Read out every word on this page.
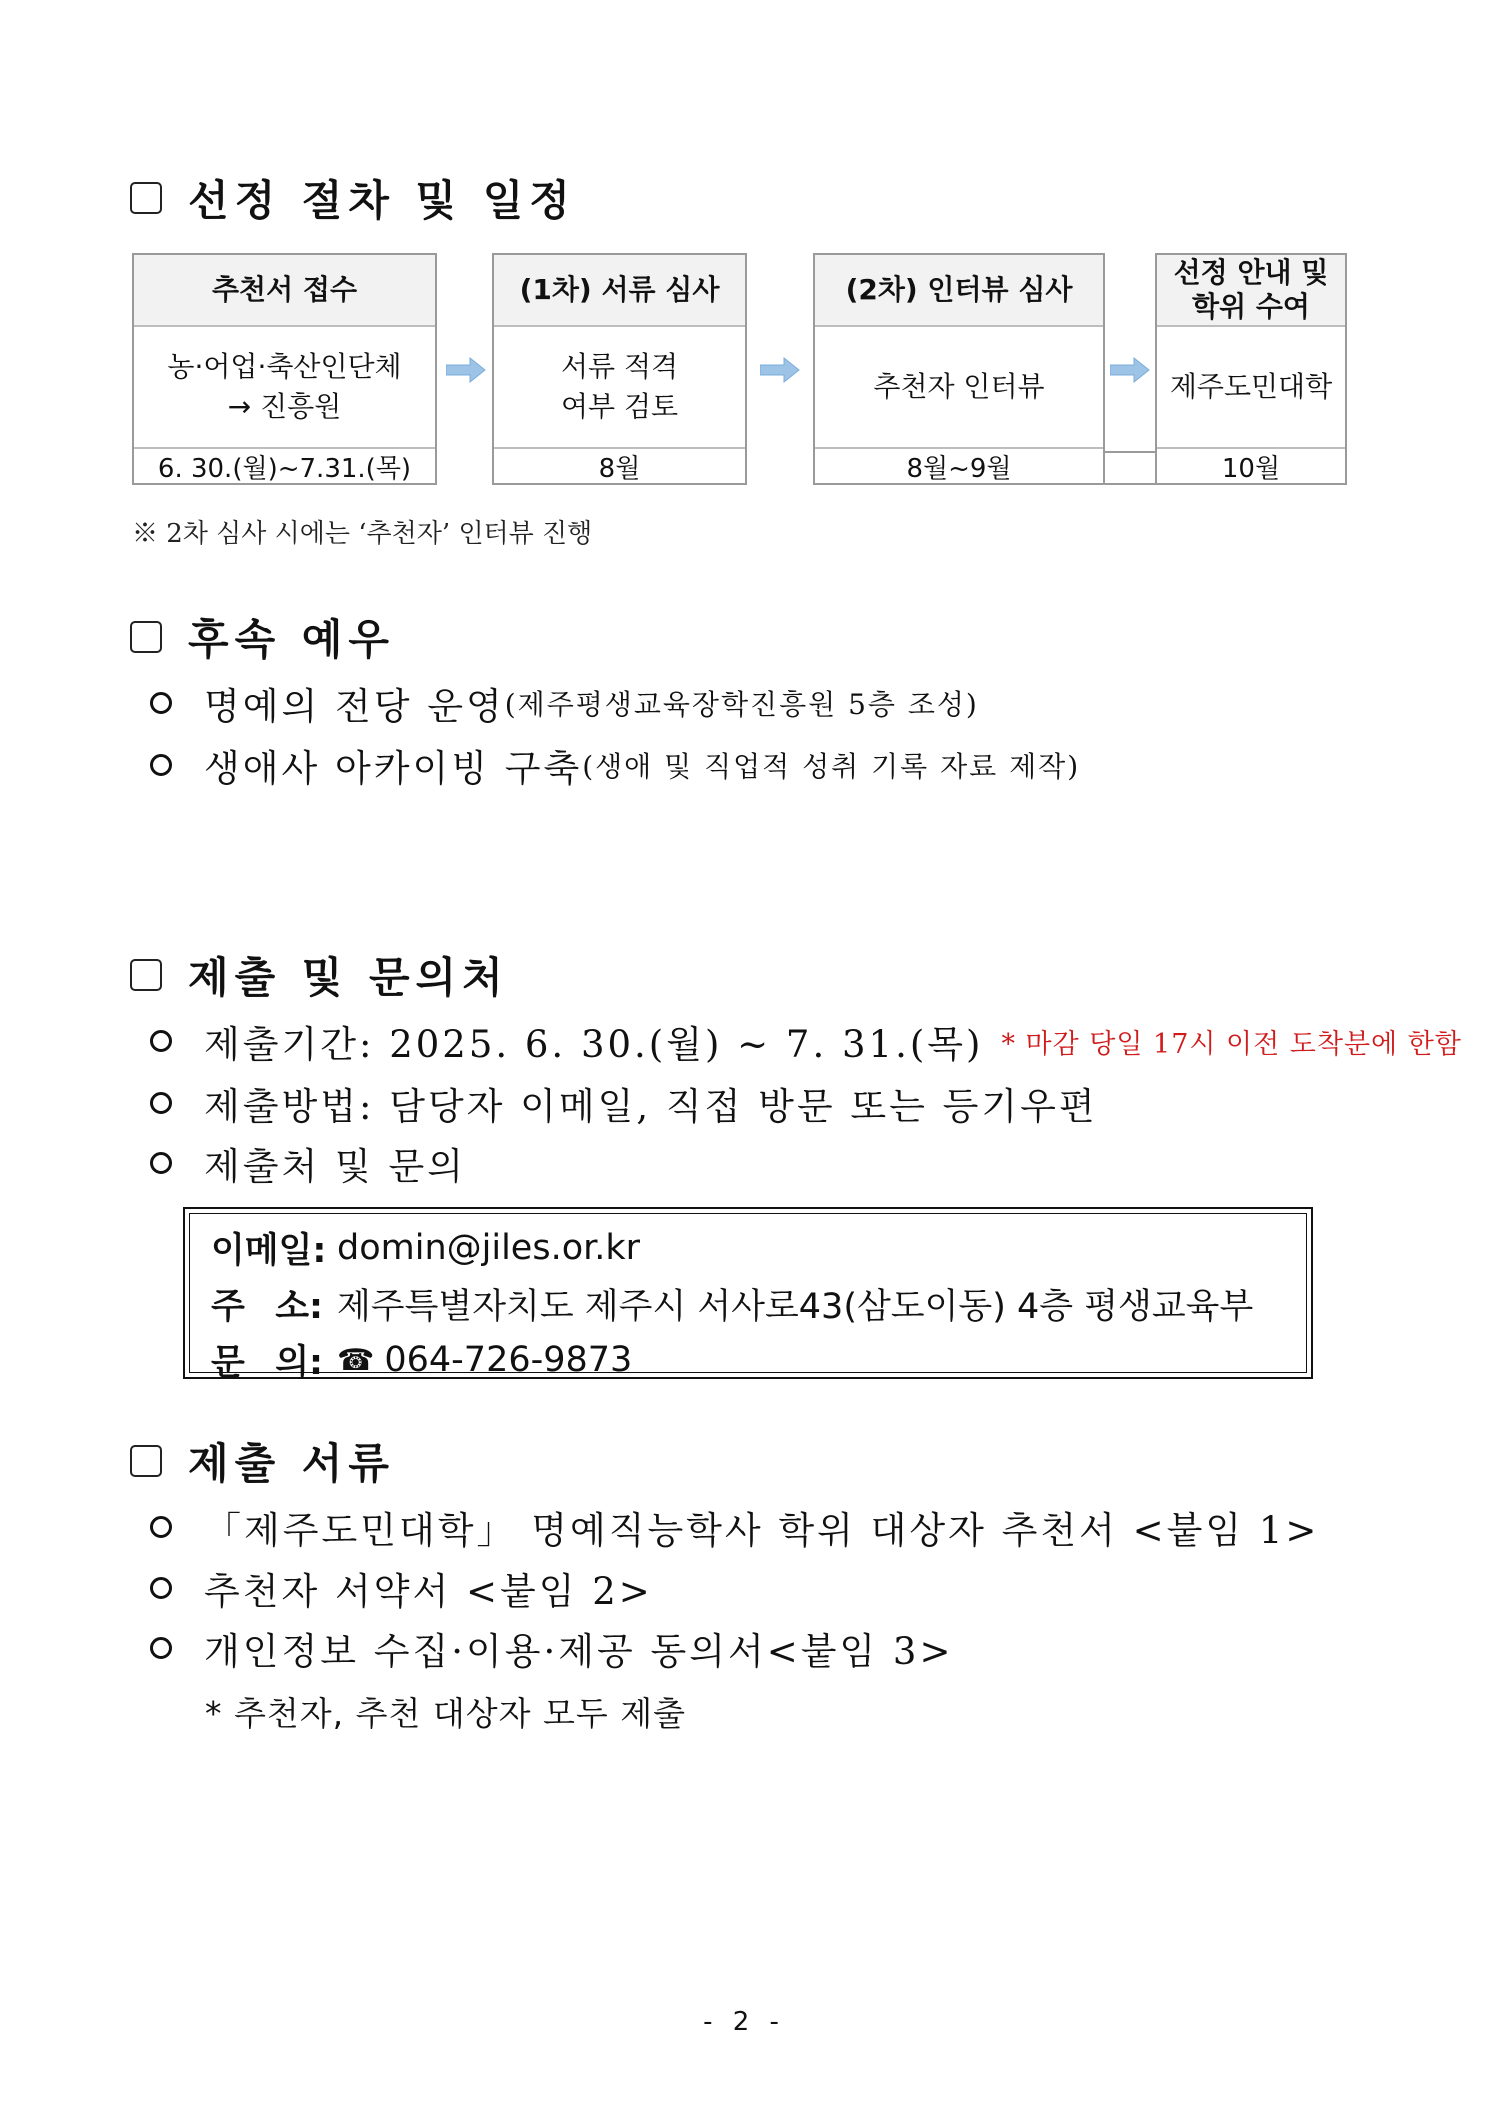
선정 절차 및 일정
추천서 접수
농·어업·축산인단체
→ 진흥원
6. 30.(월)~7.31.(목)
(1차) 서류 심사
서류 적격
여부 검토
8월
(2차) 인터뷰 심사
추천자 인터뷰
8월~9월
선정 안내 및
학위 수여
제주도민대학
10월
※ 2차 심사 시에는 ‘추천자’ 인터뷰 진행
후속 예우
명예의 전당 운영 (제주평생교육장학진흥원 5층 조성)
생애사 아카이빙 구축 (생애 및 직업적 성취 기록 자료 제작)
제출 및 문의처
제출기간: 2025. 6. 30.(월) ~ 7. 31.(목) * 마감 당일 17시 이전 도착분에 한함
제출방법: 담당자 이메일, 직접 방문 또는 등기우편
제출처 및 문의
이메일: domin@jiles.or.kr
주 소: 제주특별자치도 제주시 서사로43(삼도이동) 4층 평생교육부
문 의: ☎ 064-726-9873
제출 서류
「제주도민대학」 명예직능학사 학위 대상자 추천서 <붙임 1>
추천자 서약서 <붙임 2>
개인정보 수집·이용·제공 동의서<붙임 3>
* 추천자, 추천 대상자 모두 제출
- 2 -
